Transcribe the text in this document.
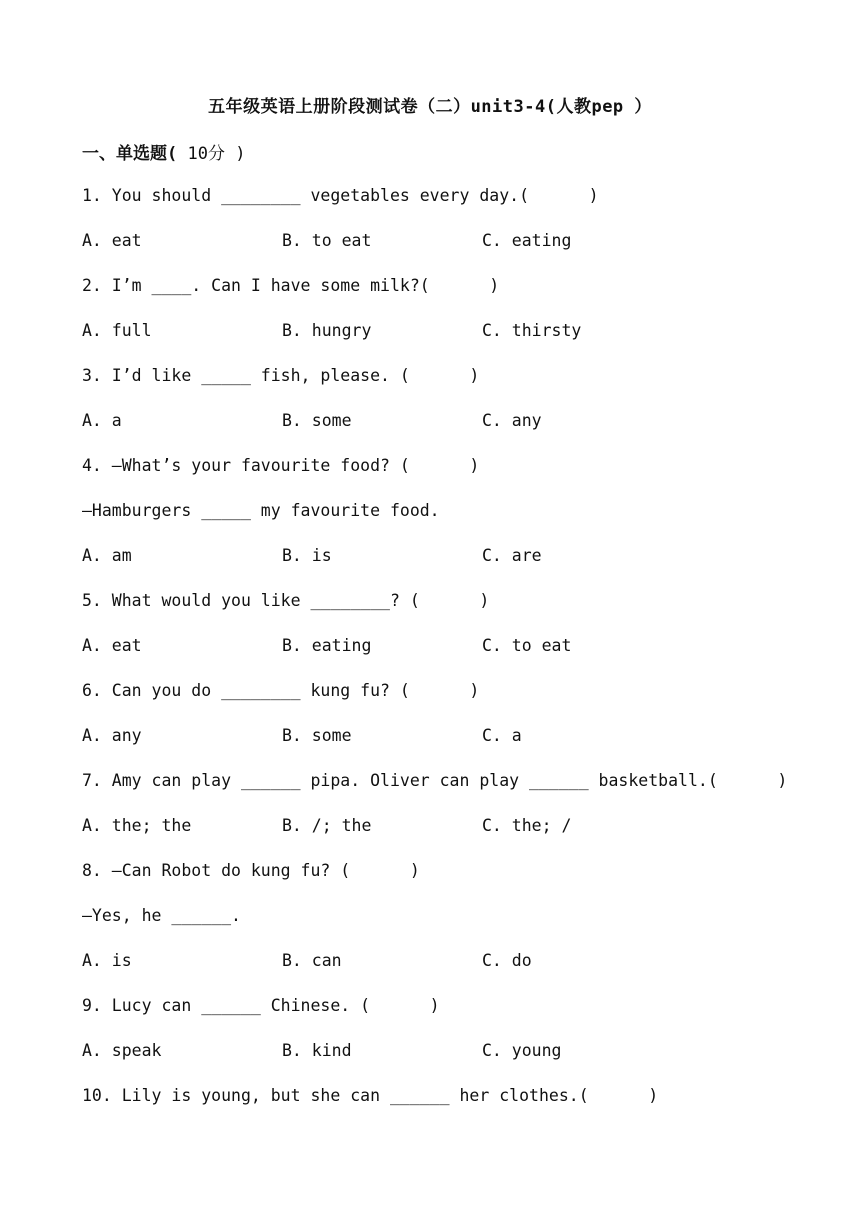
五年级英语上册阶段测试卷（二）unit3-4(人教pep ）
一、单选题( 10分 )
1. You should ________ vegetables every day.(      )
A. eat	B. to eat	C. eating
2. I’m ____. Can I have some milk?(      )
A. full	B. hungry	C. thirsty
3. I’d like _____ fish, please. (      )
A. a	B. some	C. any
4. —What’s your favourite food? (      )
—Hamburgers _____ my favourite food.
A. am	B. is	C. are
5. What would you like ________? (      )
A. eat	B. eating	C. to eat
6. Can you do ________ kung fu? (      )
A. any	B. some	C. a
7. Amy can play ______ pipa. Oliver can play ______ basketball.(      )
A. the; the	B. /; the	C. the; /
8. —Can Robot do kung fu? (      )
—Yes, he ______.
A. is	B. can	C. do
9. Lucy can ______ Chinese. (      )
A. speak	B. kind	C. young
10. Lily is young, but she can ______ her clothes.(      )
